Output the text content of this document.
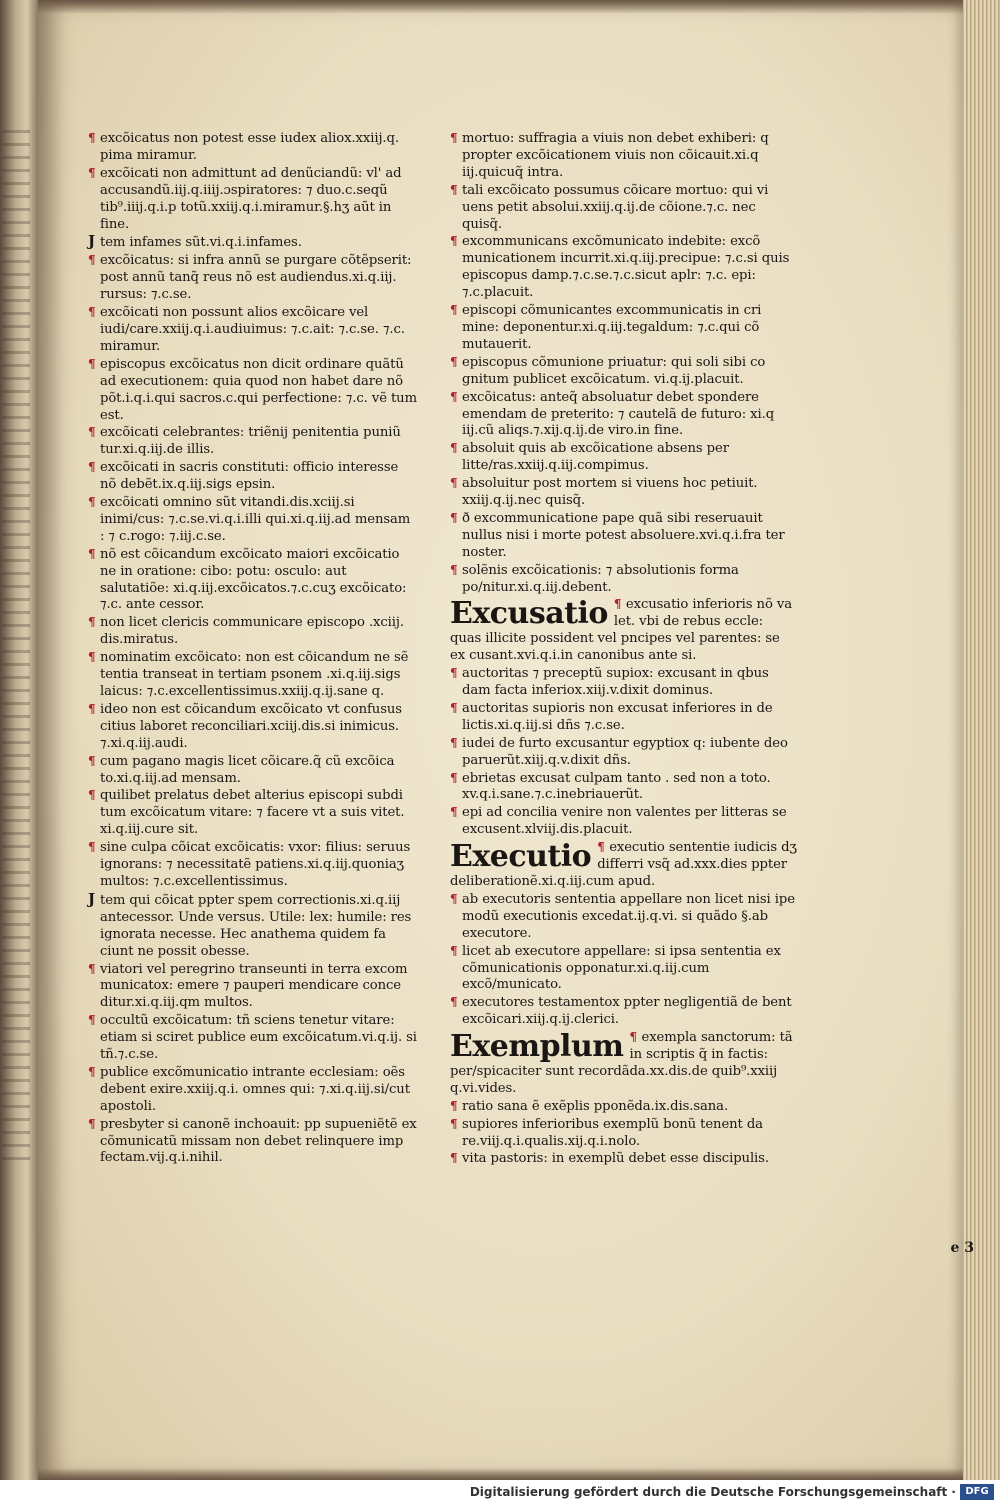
¶ excõicatus non potest esse iudex aliox.xxiij.q. pima miramur.

¶ excõicati non admittunt ad denũciandũ: vl' ad accusandũ.iij.q.iiij.ɔspiratores: ⁊ duo.c.seqũ tib⁹.iiij.q.i.p totũ.xxiij.q.i.miramur.§.hʒ aũt in fine.

J tem infames sũt.vi.q.i.infames.

¶ excõicatus: si infra annũ se purgare cõtẽpserit: post annũ tanq̃ reus nõ est audiendus.xi.q.iij. rursus: ⁊.c.se.

¶ excõicati non possunt alios excõicare vel iudi/care.xxiij.q.i.audiuimus: ⁊.c.ait: ⁊.c.se. ⁊.c. miramur.

¶ episcopus excõicatus non dicit ordinare quãtũ ad executionem: quia quod non habet dare nõ põt.i.q.i.qui sacros.c.qui perfectione: ⁊.c. vẽ tum est.

¶ excõicati celebrantes: triẽnij penitentia puniũ tur.xi.q.iij.de illis.

¶ excõicati in sacris constituti: officio interesse nõ debẽt.ix.q.iij.sigs epsin.

¶ excõicati omnino sũt vitandi.dis.xciij.si inimi/cus: ⁊.c.se.vi.q.i.illi qui.xi.q.iij.ad mensam : ⁊ c.rogo: ⁊.iij.c.se.

¶ nõ est cõicandum excõicato maiori excõicatio ne in oratione: cibo: potu: osculo: aut salutatiõe: xi.q.iij.excõicatos.⁊.c.cuʒ excõicato: ⁊.c. ante cessor.

¶ non licet clericis communicare episcopo .xciij. dis.miratus.

¶ nominatim excõicato: non est cõicandum ne sẽ tentia transeat in tertiam psonem .xi.q.iij.sigs laicus: ⁊.c.excellentissimus.xxiij.q.ij.sane q.

¶ ideo non est cõicandum excõicato vt confusus citius laboret reconciliari.xciij.dis.si inimicus. ⁊.xi.q.iij.audi.

¶ cum pagano magis licet cõicare.q̃ cũ excõica to.xi.q.iij.ad mensam.

¶ quilibet prelatus debet alterius episcopi subdi tum excõicatum vitare: ⁊ facere vt a suis vitet. xi.q.iij.cure sit.

¶ sine culpa cõicat excõicatis: vxor: filius: seruus ignorans: ⁊ necessitatẽ patiens.xi.q.iij.quoniaʒ multos: ⁊.c.excellentissimus.

J tem qui cõicat ppter spem correctionis.xi.q.iij antecessor. Unde versus. Utile: lex: humile: res ignorata necesse. Hec anathema quidem fa ciunt ne possit obesse.

¶ viatori vel peregrino transeunti in terra excom municatox: emere ⁊ pauperi mendicare conce ditur.xi.q.iij.qm multos.

¶ occultũ excõicatum: tñ sciens tenetur vitare: etiam si sciret publice eum excõicatum.vi.q.ij. si tñ.⁊.c.se.

¶ publice excõmunicatio intrante ecclesiam: oẽs debent exire.xxiij.q.i. omnes qui: ⁊.xi.q.iij.si/cut apostoli.

¶ presbyter si canonẽ inchoauit: pp supueniẽtẽ ex cõmunicatũ missam non debet relinquere imp fectam.vij.q.i.nihil.

¶ mortuo: suffragia a viuis non debet exhiberi: q propter excõicationem viuis non cõicauit.xi.q iij.quicuq̃ intra.

¶ tali excõicato possumus cõicare mortuo: qui vi uens petit absolui.xxiij.q.ij.de cõione.⁊.c. nec quisq̃.

¶ excommunicans excõmunicato indebite: excõ municationem incurrit.xi.q.iij.precipue: ⁊.c.si quis episcopus damp.⁊.c.se.⁊.c.sicut aplr: ⁊.c. epi: ⁊.c.placuit.

¶ episcopi cõmunicantes excommunicatis in cri mine: deponentur.xi.q.iij.tegaldum: ⁊.c.qui cõ mutauerit.

¶ episcopus cõmunione priuatur: qui soli sibi co gnitum publicet excõicatum. vi.q.ij.placuit.

¶ excõicatus: anteq̃ absoluatur debet spondere emendam de preterito: ⁊ cautelã de futuro: xi.q iij.cũ aliqs.⁊.xij.q.ij.de viro.in fine.

¶ absoluit quis ab excõicatione absens per litte/ras.xxiij.q.iij.compimus.

¶ absoluitur post mortem si viuens hoc petiuit. xxiij.q.ij.nec quisq̃.

¶ ð excommunicatione pape quã sibi reseruauit nullus nisi i morte potest absoluere.xvi.q.i.fra ter noster.

¶ solẽnis excõicationis: ⁊ absolutionis forma po/nitur.xi.q.iij.debent.

Excusatio ¶ excusatio inferioris nõ va let. vbi de rebus eccle: quas illicite possident vel pncipes vel parentes: se ex cusant.xvi.q.i.in canonibus ante si.

¶ auctoritas ⁊ preceptũ supiox: excusant in qbus dam facta inferiox.xiij.v.dixit dominus.

¶ auctoritas supioris non excusat inferiores in de lictis.xi.q.iij.si dñs ⁊.c.se.

¶ iudei de furto excusantur egyptiox q: iubente deo paruerũt.xiij.q.v.dixit dñs.

¶ ebrietas excusat culpam tanto . sed non a toto. xv.q.i.sane.⁊.c.inebriauerũt.

¶ epi ad concilia venire non valentes per litteras se excusent.xlviij.dis.placuit.

Executio ¶ executio sententie iudicis dʒ differri vsq̃ ad.xxx.dies ppter deliberationẽ.xi.q.iij.cum apud.

¶ ab executoris sententia appellare non licet nisi ipe modũ executionis excedat.ij.q.vi. si quãdo §.ab executore.

¶ licet ab executore appellare: si ipsa sententia ex cõmunicationis opponatur.xi.q.iij.cum excõ/municato.

¶ executores testamentox ppter negligentiã de bent excõicari.xiij.q.ij.clerici.

Exemplum ¶ exempla sanctorum: tã in scriptis q̃ in factis: per/spicaciter sunt recordãda.xx.dis.de quib⁹.xxiij q.vi.vides.

¶ ratio sana ẽ exẽplis pponẽda.ix.dis.sana.

¶ supiores inferioribus exemplũ bonũ tenent da re.viij.q.i.qualis.xij.q.i.nolo.

¶ vita pastoris: in exemplũ debet esse discipulis.

e 3
Digitalisierung gefördert durch die Deutsche Forschungsgemeinschaft · DFG
